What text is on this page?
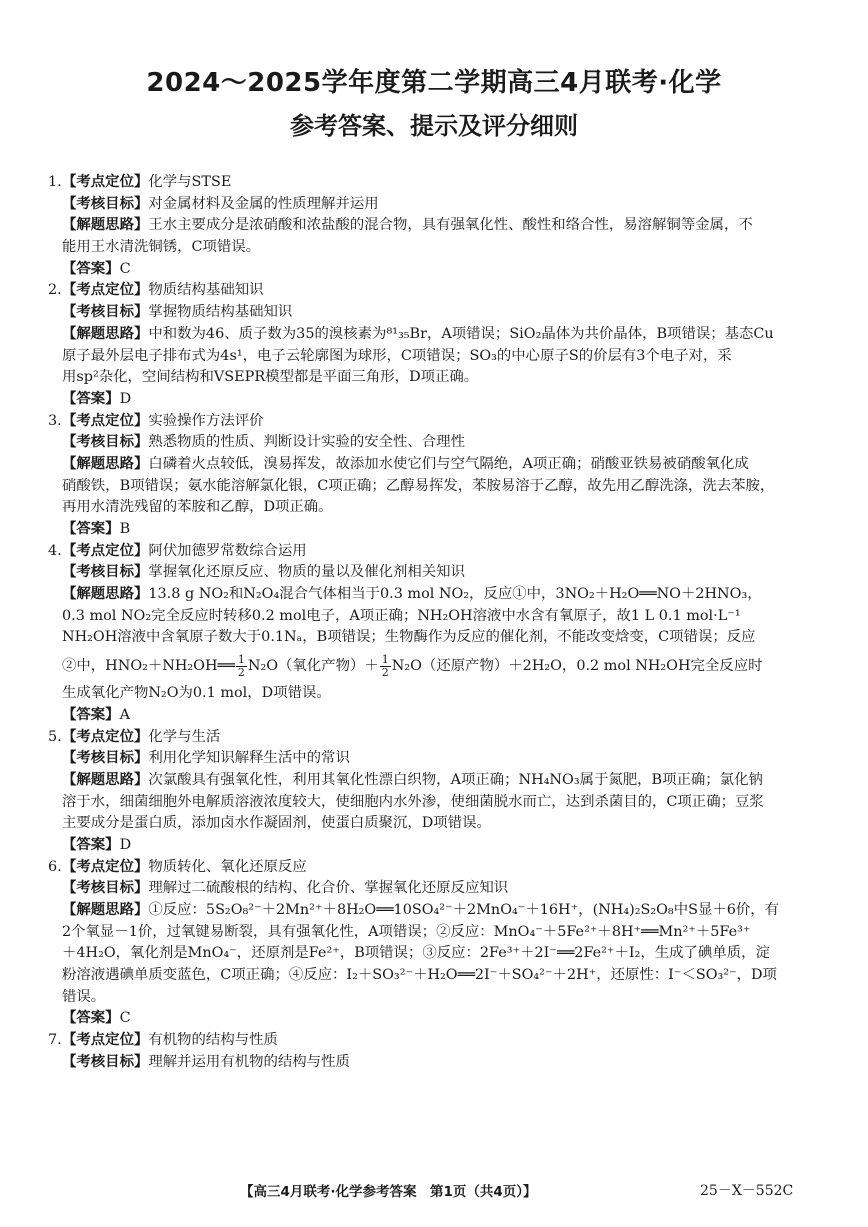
2024～2025学年度第二学期高三4月联考·化学
参考答案、提示及评分细则
1.【考点定位】化学与STSE
【考核目标】对金属材料及金属的性质理解并运用
【解题思路】王水主要成分是浓硝酸和浓盐酸的混合物，具有强氧化性、酸性和络合性，易溶解铜等金属，不
能用王水清洗铜锈，C项错误。
【答案】C
2.【考点定位】物质结构基础知识
【考核目标】掌握物质结构基础知识
【解题思路】中和数为46、质子数为35的溴核素为⁸¹₃₅Br，A项错误；SiO₂晶体为共价晶体，B项错误；基态Cu
原子最外层电子排布式为4s¹，电子云轮廓图为球形，C项错误；SO₃的中心原子S的价层有3个电子对，采
用sp²杂化，空间结构和VSEPR模型都是平面三角形，D项正确。
【答案】D
3.【考点定位】实验操作方法评价
【考核目标】熟悉物质的性质、判断设计实验的安全性、合理性
【解题思路】白磷着火点较低，溴易挥发，故添加水使它们与空气隔绝，A项正确；硝酸亚铁易被硝酸氧化成
硝酸铁，B项错误；氨水能溶解氯化银，C项正确；乙醇易挥发，苯胺易溶于乙醇，故先用乙醇洗涤，洗去苯胺，
再用水清洗残留的苯胺和乙醇，D项正确。
【答案】B
4.【考点定位】阿伏加德罗常数综合运用
【考核目标】掌握氧化还原反应、物质的量以及催化剂相关知识
【解题思路】13.8 g NO₂和N₂O₄混合气体相当于0.3 mol NO₂，反应①中，3NO₂＋H₂O══NO＋2HNO₃，
0.3 mol NO₂完全反应时转移0.2 mol电子，A项正确；NH₂OH溶液中水含有氧原子，故1 L 0.1 mol·L⁻¹
NH₂OH溶液中含氧原子数大于0.1Nₐ，B项错误；生物酶作为反应的催化剂，不能改变焓变，C项错误；反应
②中，HNO₂＋NH₂OH══ $\frac{1}{2} N_2O$（氧化产物）＋ $\frac{1}{2} N_2O$（还原产物）＋2H₂O，0.2 mol NH₂OH完全反应时
生成氧化产物N₂O为0.1 mol，D项错误。
【答案】A
5.【考点定位】化学与生活
【考核目标】利用化学知识解释生活中的常识
【解题思路】次氯酸具有强氧化性，利用其氧化性漂白织物，A项正确；NH₄NO₃属于氮肥，B项正确；氯化钠
溶于水，细菌细胞外电解质溶液浓度较大，使细胞内水外渗，使细菌脱水而亡，达到杀菌目的，C项正确；豆浆
主要成分是蛋白质，添加卤水作凝固剂，使蛋白质聚沉，D项错误。
【答案】D
6.【考点定位】物质转化、氧化还原反应
【考核目标】理解过二硫酸根的结构、化合价、掌握氧化还原反应知识
【解题思路】①反应：5S₂O₈²⁻＋2Mn²⁺＋8H₂O══10SO₄²⁻＋2MnO₄⁻＋16H⁺，(NH₄)₂S₂O₈中S显＋6价，有
2个氧显－1价，过氧键易断裂，具有强氧化性，A项错误；②反应：MnO₄⁻＋5Fe²⁺＋8H⁺══Mn²⁺＋5Fe³⁺
＋4H₂O，氧化剂是MnO₄⁻，还原剂是Fe²⁺，B项错误；③反应：2Fe³⁺＋2I⁻══2Fe²⁺＋I₂，生成了碘单质，淀
粉溶液遇碘单质变蓝色，C项正确；④反应：I₂＋SO₃²⁻＋H₂O══2I⁻＋SO₄²⁻＋2H⁺，还原性：I⁻＜SO₃²⁻，D项
错误。
【答案】C
7.【考点定位】有机物的结构与性质
【考核目标】理解并运用有机物的结构与性质
【高三4月联考·化学参考答案　第1页（共4页）】	25－X－552C
